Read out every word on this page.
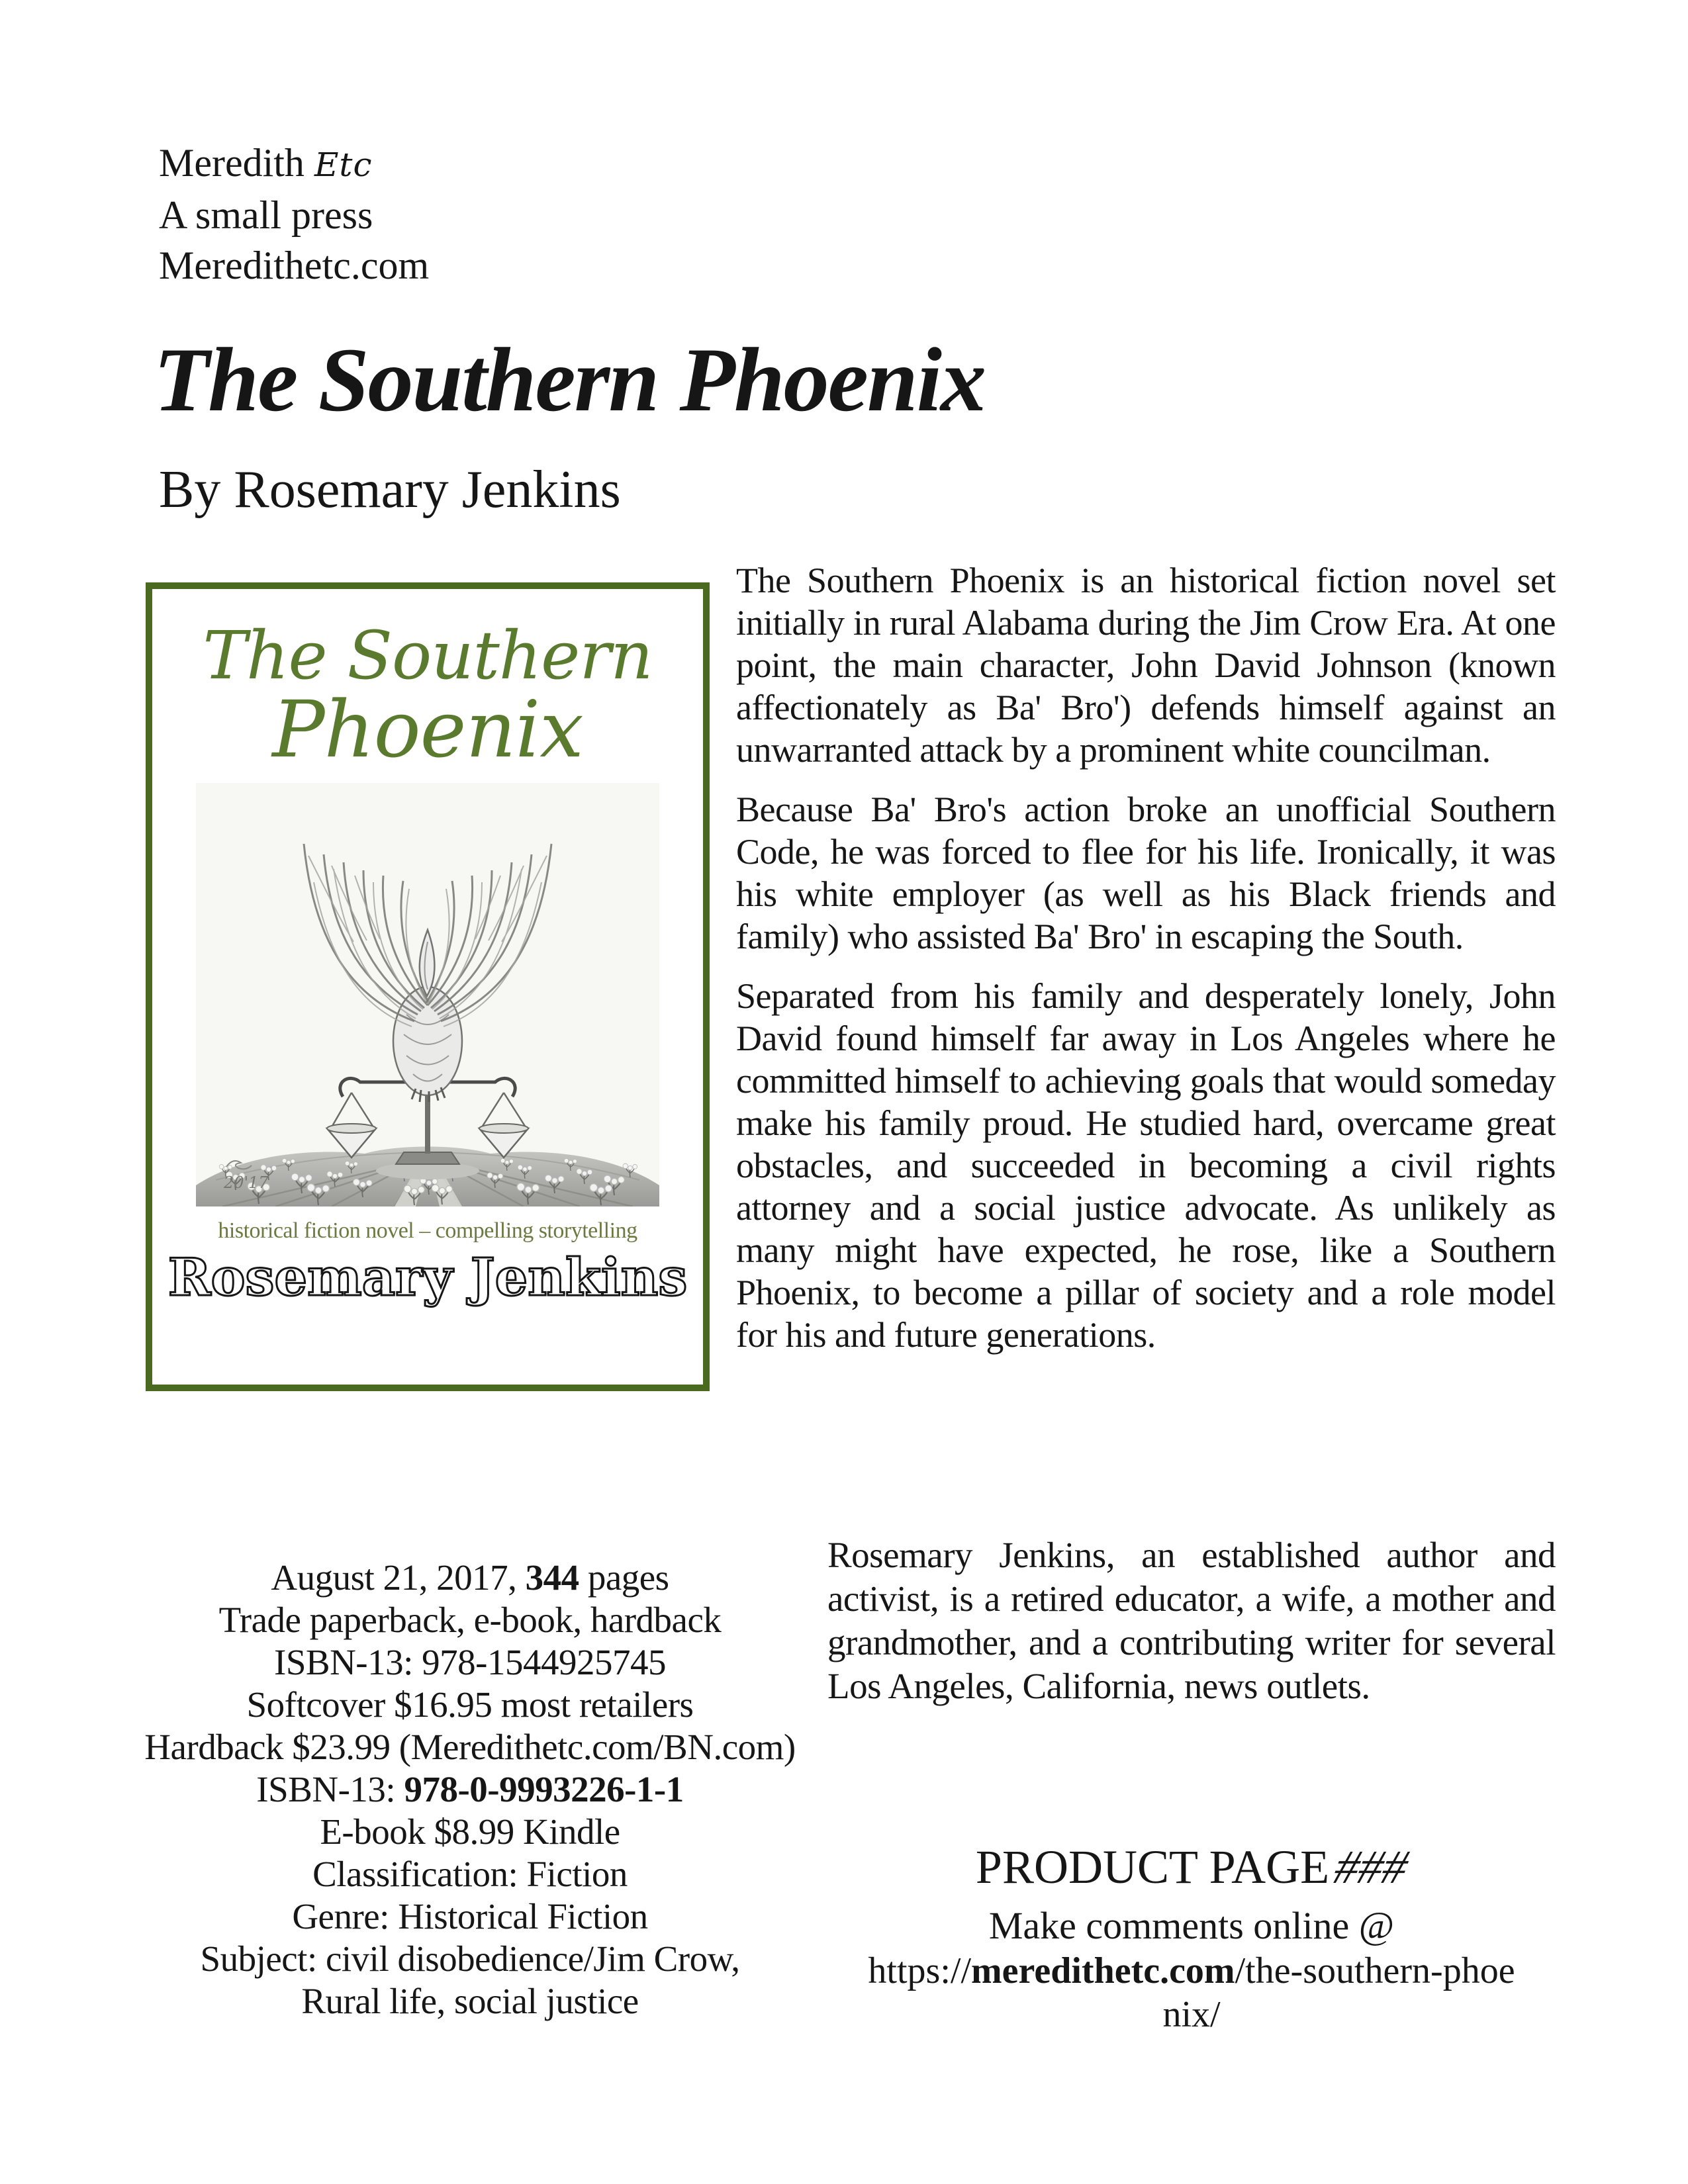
Meredith Etc
A small press
Meredithetc.com
The Southern Phoenix
By Rosemary Jenkins
The Southern
Phoenix
20'17
historical fiction novel – compelling storytelling
Rosemary Jenkins

The Southern Phoenix is an historical fiction novel set initially in rural Alabama during the Jim Crow Era. At one point, the main character, John David Johnson (known affectionately as Ba' Bro') defends himself against an unwarranted attack by a prominent white councilman.

Because Ba' Bro's action broke an unofficial Southern Code, he was forced to flee for his life. Ironically, it was his white employer (as well as his Black friends and family) who assisted Ba' Bro' in escaping the South.

Separated from his family and desperately lonely, John David found himself far away in Los Angeles where he committed himself to achieving goals that would someday make his family proud. He studied hard, overcame great obstacles, and succeeded in becoming a civil rights attorney and a social justice advocate. As unlikely as many might have expected, he rose, like a Southern Phoenix, to become a pillar of society and a role model for his and future generations.

August 21, 2017, 344 pages
Trade paperback, e-book, hardback
ISBN-13: 978-1544925745
Softcover $16.95 most retailers
Hardback $23.99 (Meredithetc.com/BN.com)
ISBN-13: 978-0-9993226-1-1
E-book $8.99 Kindle
Classification: Fiction
Genre: Historical Fiction
Subject: civil disobedience/Jim Crow,
Rural life, social justice

Rosemary Jenkins, an established author and activist, is a retired educator, a wife, a mother and grandmother, and a contributing writer for several Los Angeles, California, news outlets.

PRODUCT PAGE###
Make comments online @
https://meredithetc.com/the-southern-phoenix/
